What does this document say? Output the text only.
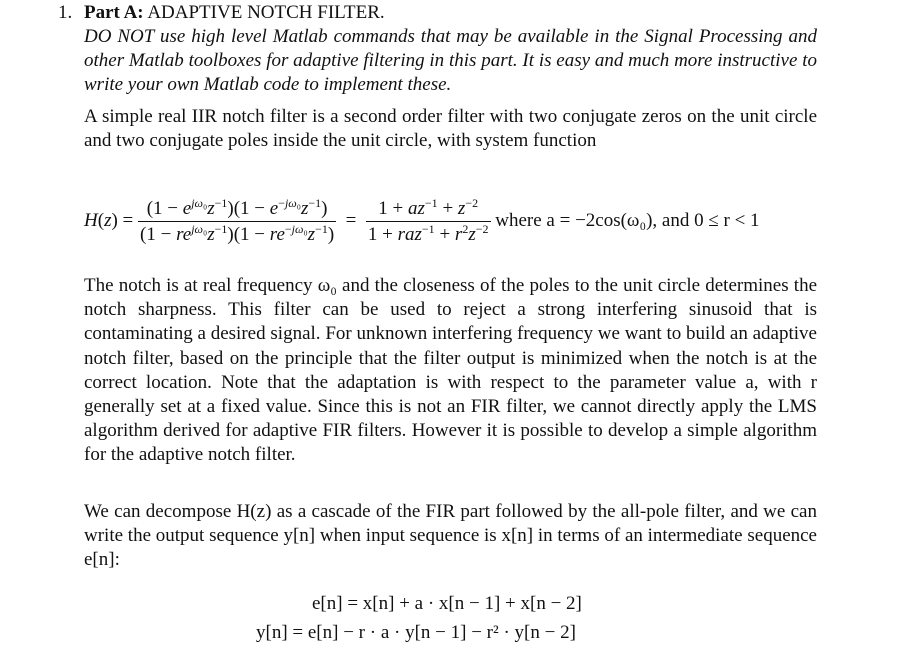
1. Part A: ADAPTIVE NOTCH FILTER.
DO NOT use high level Matlab commands that may be available in the Signal Processing and other Matlab toolboxes for adaptive filtering in this part. It is easy and much more instructive to write your own Matlab code to implement these.
A simple real IIR notch filter is a second order filter with two conjugate zeros on the unit circle and two conjugate poles inside the unit circle, with system function
$H(z) = \frac{(1 - e^{j\omega_0}z^{-1})(1 - e^{-j\omega_0}z^{-1})}{(1 - re^{j\omega_0}z^{-1})(1 - re^{-j\omega_0}z^{-1})} = \frac{1 + az^{-1} + z^{-2}}{1 + raz^{-1} + r^2z^{-2}}$ where a = −2cos(ω₀), and 0 ≤ r < 1
The notch is at real frequency ω₀ and the closeness of the poles to the unit circle determines the notch sharpness. This filter can be used to reject a strong interfering sinusoid that is contaminating a desired signal. For unknown interfering frequency we want to build an adaptive notch filter, based on the principle that the filter output is minimized when the notch is at the correct location. Note that the adaptation is with respect to the parameter value a, with r generally set at a fixed value. Since this is not an FIR filter, we cannot directly apply the LMS algorithm derived for adaptive FIR filters. However it is possible to develop a simple algorithm for the adaptive notch filter.
We can decompose H(z) as a cascade of the FIR part followed by the all-pole filter, and we can write the output sequence y[n] when input sequence is x[n] in terms of an intermediate sequence e[n]:
e[n] = x[n] + a · x[n − 1] + x[n − 2]
y[n] = e[n] − r · a · y[n − 1] − r² · y[n − 2]
